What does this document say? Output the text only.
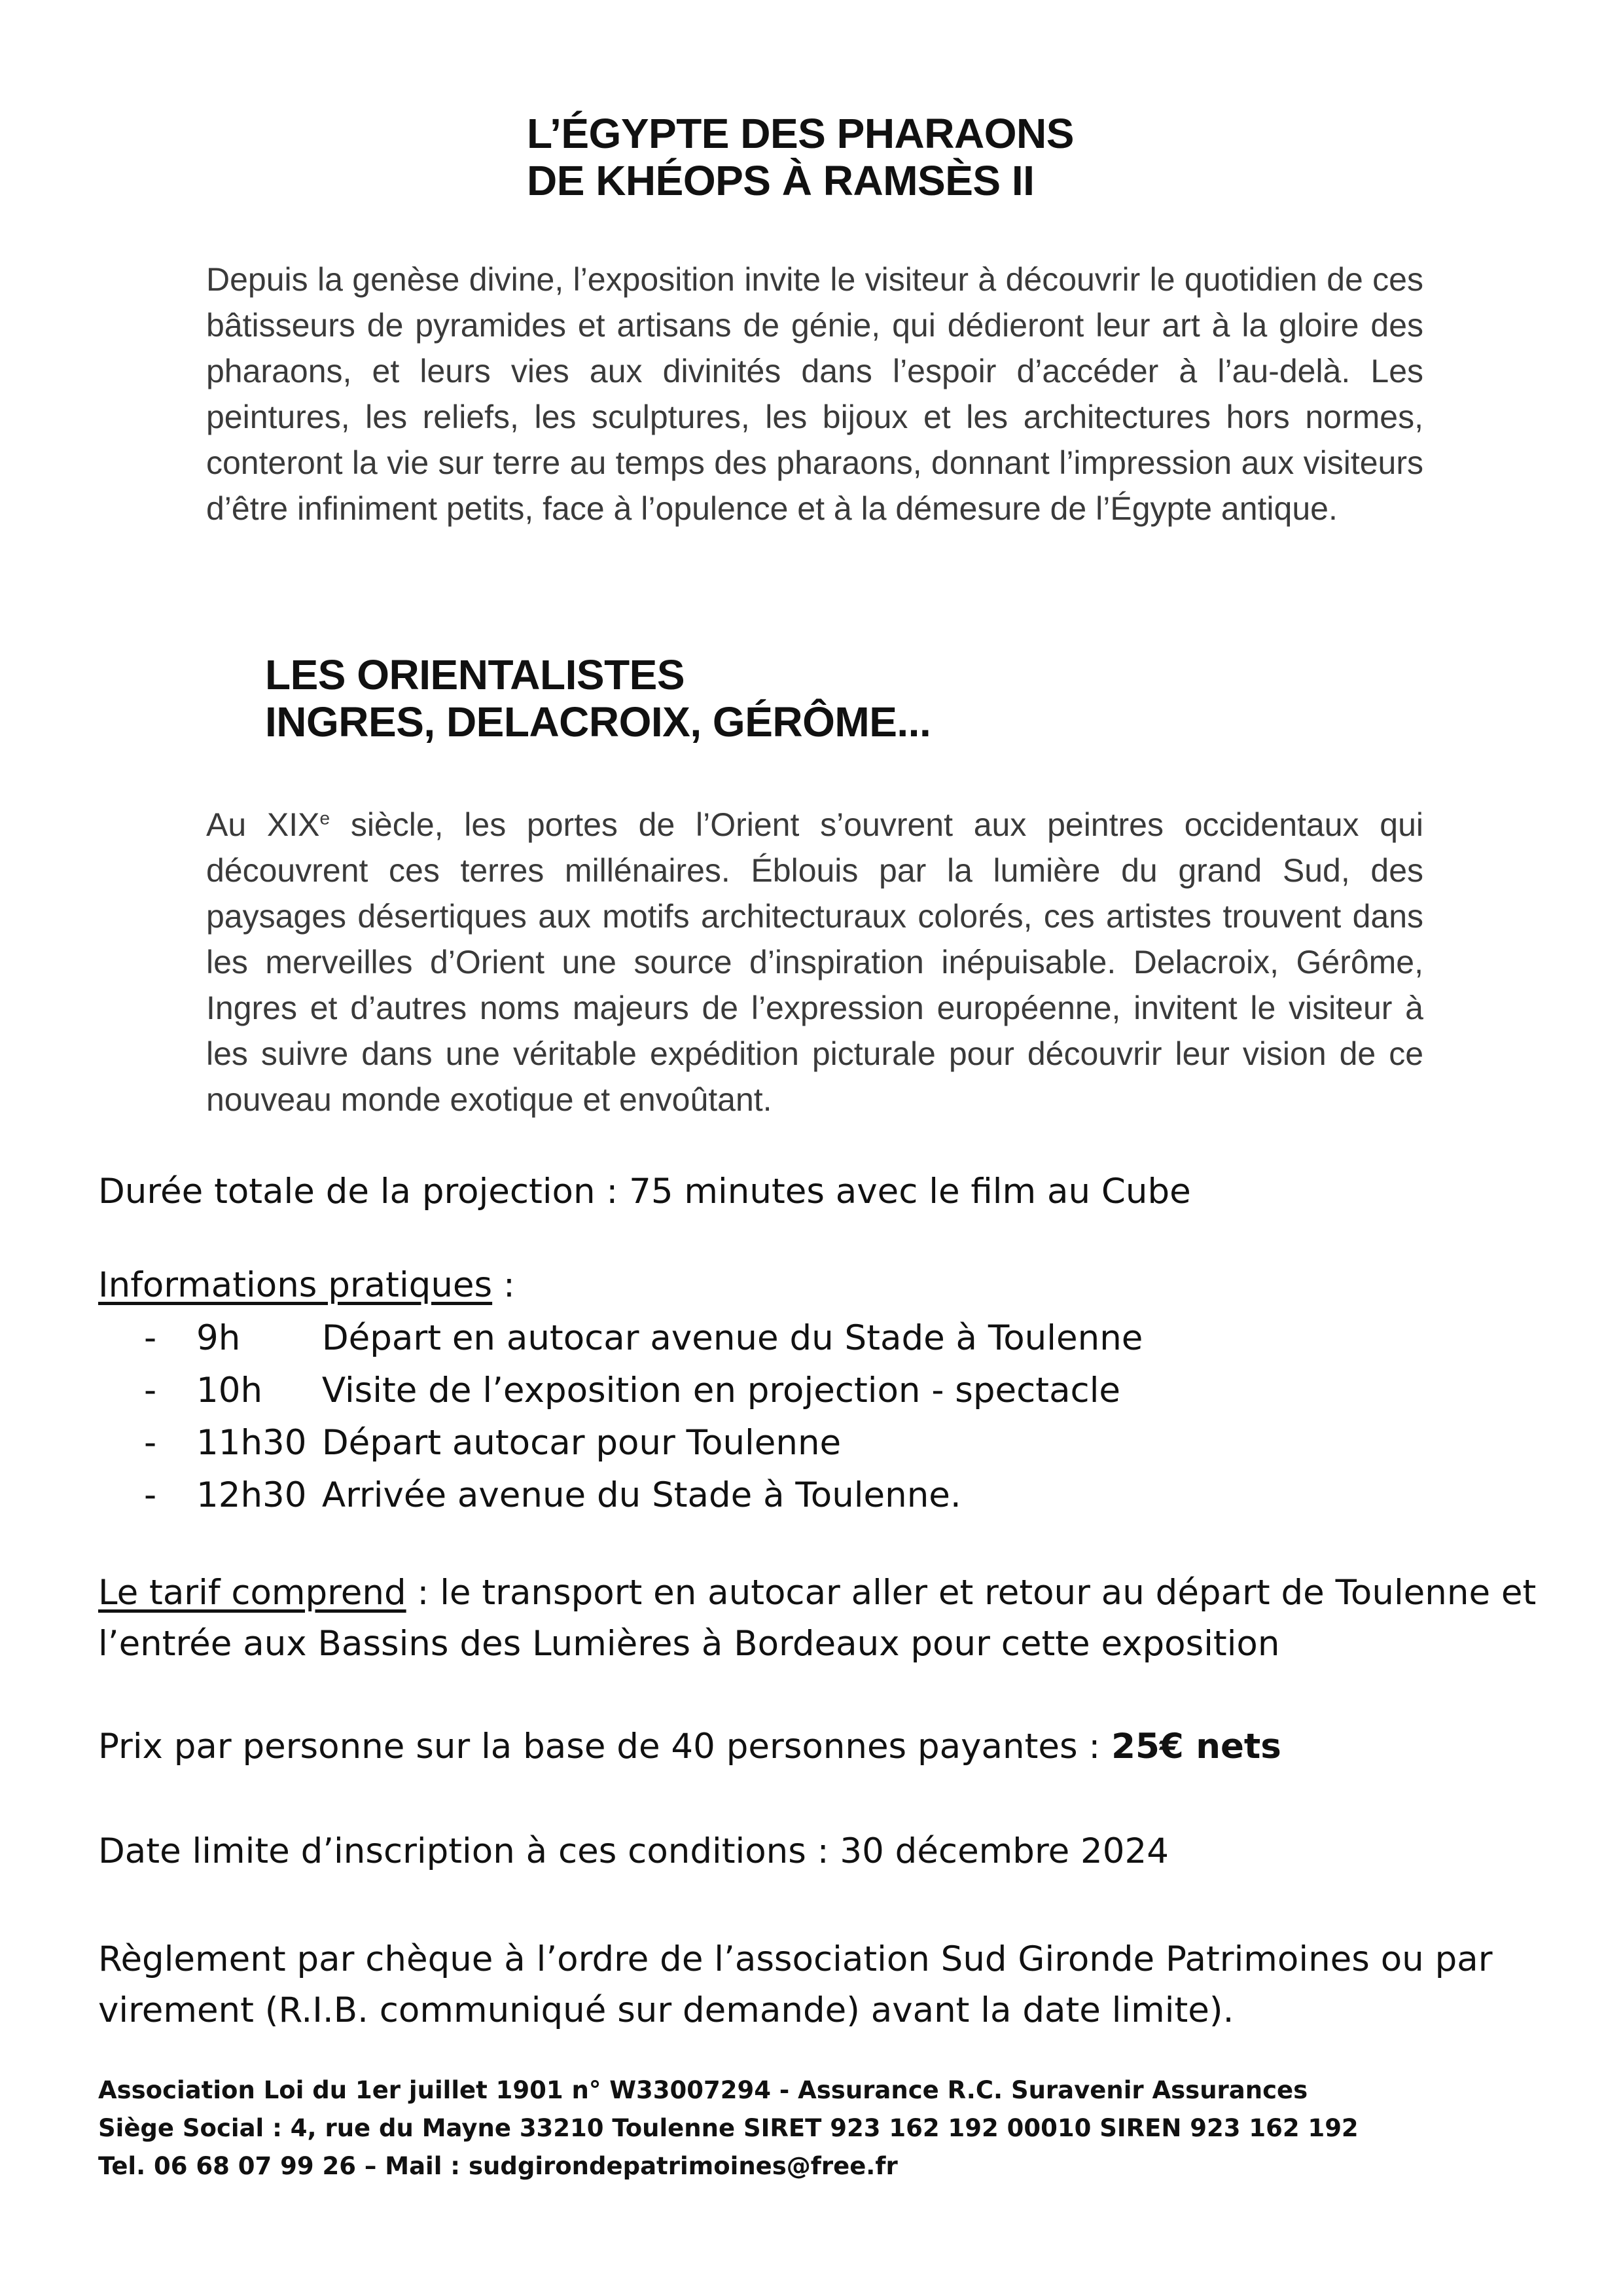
L’ÉGYPTE DES PHARAONS
DE KHÉOPS À RAMSÈS II

Depuis la genèse divine, l’exposition invite le visiteur à découvrir le quotidien de ces bâtisseurs de pyramides et artisans de génie, qui dédieront leur art à la gloire des pharaons, et leurs vies aux divinités dans l’espoir d’accéder à l’au-delà. Les peintures, les reliefs, les sculptures, les bijoux et les architectures hors normes, conteront la vie sur terre au temps des pharaons, donnant l’impression aux visiteurs d’être infiniment petits, face à l’opulence et à la démesure de l’Égypte antique.

LES ORIENTALISTES
INGRES, DELACROIX, GÉRÔME...

Au XIXe siècle, les portes de l’Orient s’ouvrent aux peintres occidentaux qui découvrent ces terres millénaires. Éblouis par la lumière du grand Sud, des paysages désertiques aux motifs architecturaux colorés, ces artistes trouvent dans les merveilles d’Orient une source d’inspiration inépuisable. Delacroix, Gérôme, Ingres et d’autres noms majeurs de l’expression européenne, invitent le visiteur à les suivre dans une véritable expédition picturale pour découvrir leur vision de ce nouveau monde exotique et envoûtant.

Durée totale de la projection : 75 minutes avec le film au Cube

Informations pratiques :

- 9h Départ en autocar avenue du Stade à Toulenne
- 10h Visite de l’exposition en projection - spectacle
- 11h30 Départ autocar pour Toulenne
- 12h30 Arrivée avenue du Stade à Toulenne.

Le tarif comprend : le transport en autocar aller et retour au départ de Toulenne et l’entrée aux Bassins des Lumières à Bordeaux pour cette exposition

Prix par personne sur la base de 40 personnes payantes : 25€ nets

Date limite d’inscription à ces conditions : 30 décembre 2024

Règlement par chèque à l’ordre de l’association Sud Gironde Patrimoines ou par virement (R.I.B. communiqué sur demande) avant la date limite).

Association Loi du 1er juillet 1901 n° W33007294 - Assurance R.C. Suravenir Assurances
Siège Social : 4, rue du Mayne 33210 Toulenne SIRET 923 162 192 00010 SIREN 923 162 192
Tel. 06 68 07 99 26 – Mail : sudgirondepatrimoines@free.fr
